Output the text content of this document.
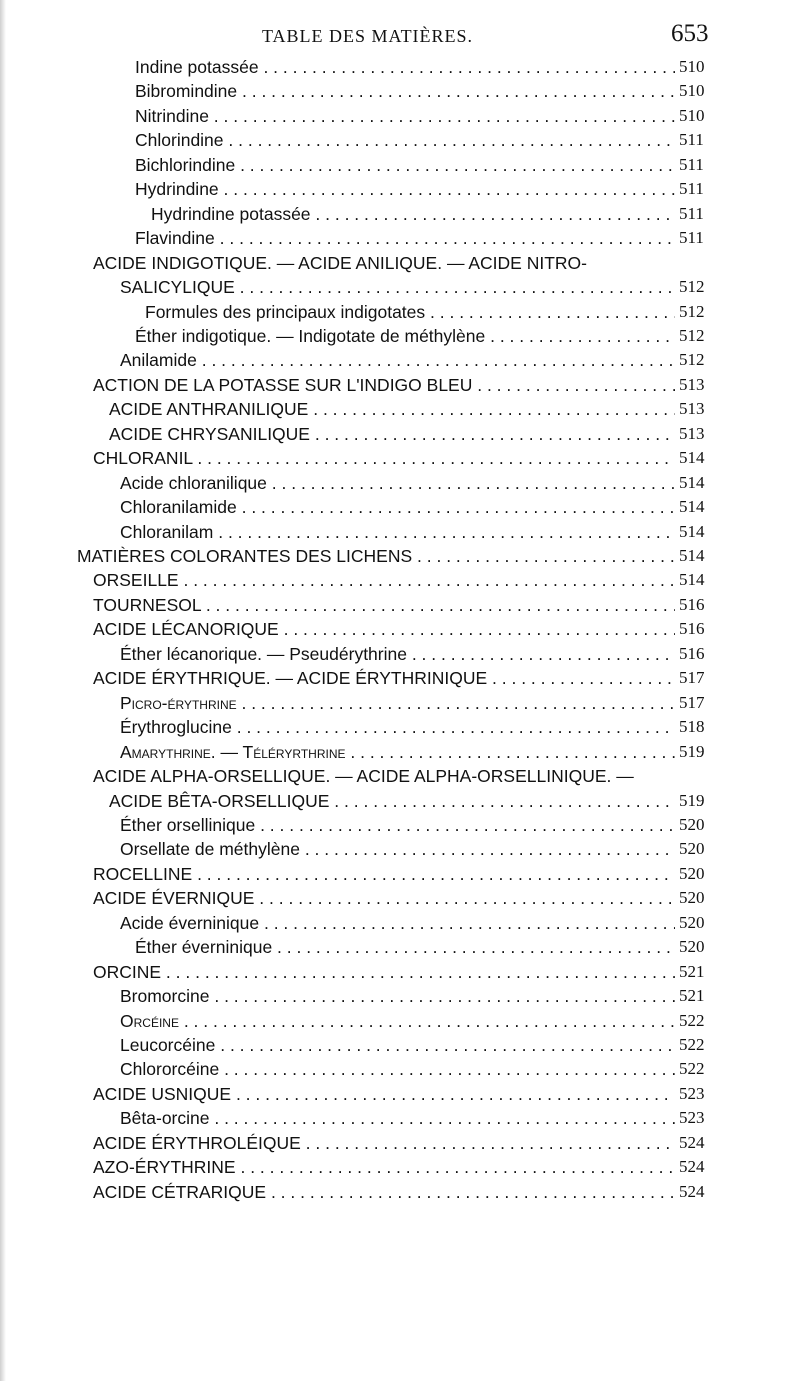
TABLE DES MATIÈRES.	653
Indine potassée . . .	510
Bibromindine . . .	510
Nitrindine . . .	510
Chlorindine . . .	511
Bichlorindine . . .	511
Hydrindine . . .	511
Hydrindine potassée . . .	511
Flavindine . . .	511
ACIDE INDIGOTIQUE. — ACIDE ANILIQUE. — ACIDE NITRO-
SALICYLIQUE . . .	512
Formules des principaux indigotates . . .	512
Éther indigotique. — Indigotate de méthylène . . .	512
Anilamide . . .	512
ACTION DE LA POTASSE SUR L'INDIGO BLEU . . .	513
ACIDE ANTHRANILIQUE . . .	513
ACIDE CHRYSANILIQUE . . .	513
CHLORANIL . . .	514
Acide chloranilique . . .	514
Chloranilamide . . .	514
Chloranilam . . .	514
MATIÈRES COLORANTES DES LICHENS . . .	514
ORSEILLE . . .	514
TOURNESOL . . .	516
ACIDE LÉCANORIQUE . . .	516
Éther lécanorique. — Pseudérythrine . . .	516
ACIDE ÉRYTHRIQUE. — ACIDE ÉRYTHRINIQUE . . .	517
Picro-érythrine . . .	517
Érythroglucine . . .	518
Amarythrine. — Téléryrthrine . . .	519
ACIDE ALPHA-ORSELLIQUE. — ACIDE ALPHA-ORSELLINIQUE. —
ACIDE BÊTA-ORSELLIQUE . . .	519
Éther orsellinique . . .	520
Orsellate de méthylène . . .	520
ROCELLINE . . .	520
ACIDE ÉVERNIQUE . . .	520
Acide éverninique . . .	520
Éther éverninique . . .	520
ORCINE . . .	521
Bromorcine . . .	521
Orcéine . . .	522
Leucorcéine . . .	522
Chlororcéine . . .	522
ACIDE USNIQUE . . .	523
Bêta-orcine . . .	523
ACIDE ÉRYTHROLÉIQUE . . .	524
AZO-ÉRYTHRINE . . .	524
ACIDE CÉTRARIQUE . . .	524
